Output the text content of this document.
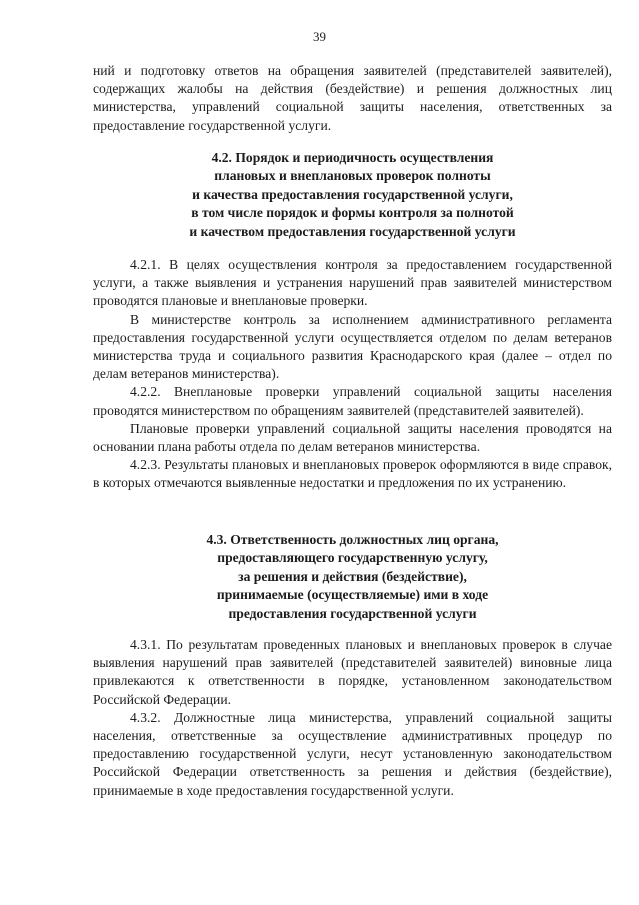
39

ний и подготовку ответов на обращения заявителей (представителей заявителей), содержащих жалобы на действия (бездействие) и решения должностных лиц министерства, управлений социальной защиты населения, ответственных за предоставление государственной услуги.

4.2. Порядок и периодичность осуществления
плановых и внеплановых проверок полноты
и качества предоставления государственной услуги,
в том числе порядок и формы контроля за полнотой
и качеством предоставления государственной услуги

4.2.1. В целях осуществления контроля за предоставлением государственной услуги, а также выявления и устранения нарушений прав заявителей министерством проводятся плановые и внеплановые проверки.

В министерстве контроль за исполнением административного регламента предоставления государственной услуги осуществляется отделом по делам ветеранов министерства труда и социального развития Краснодарского края (далее – отдел по делам ветеранов министерства).

4.2.2. Внеплановые проверки управлений социальной защиты населения проводятся министерством по обращениям заявителей (представителей заявителей).

Плановые проверки управлений социальной защиты населения проводятся на основании плана работы отдела по делам ветеранов министерства.

4.2.3. Результаты плановых и внеплановых проверок оформляются в виде справок, в которых отмечаются выявленные недостатки и предложения по их устранению.

4.3. Ответственность должностных лиц органа,
предоставляющего государственную услугу,
за решения и действия (бездействие),
принимаемые (осуществляемые) ими в ходе
предоставления государственной услуги

4.3.1. По результатам проведенных плановых и внеплановых проверок в случае выявления нарушений прав заявителей (представителей заявителей) виновные лица привлекаются к ответственности в порядке, установленном законодательством Российской Федерации.

4.3.2. Должностные лица министерства, управлений социальной защиты населения, ответственные за осуществление административных процедур по предоставлению государственной услуги, несут установленную законодательством Российской Федерации ответственность за решения и действия (бездействие), принимаемые в ходе предоставления государственной услуги.
